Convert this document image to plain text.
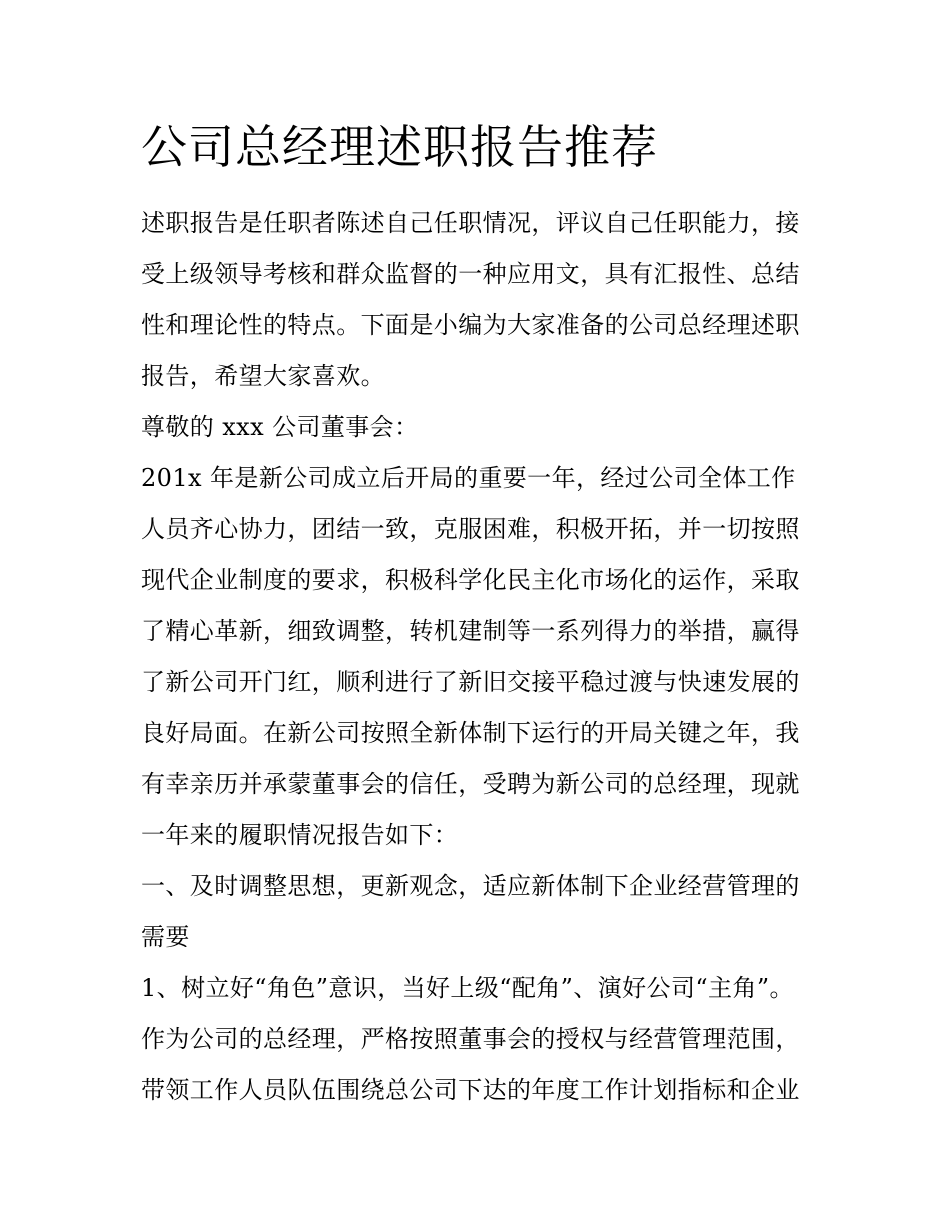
公司总经理述职报告推荐
述职报告是任职者陈述自己任职情况，评议自己任职能力，接
受上级领导考核和群众监督的一种应用文，具有汇报性、总结
性和理论性的特点。下面是小编为大家准备的公司总经理述职
报告，希望大家喜欢。
尊敬的 xxx 公司董事会：
201x 年是新公司成立后开局的重要一年，经过公司全体工作
人员齐心协力，团结一致，克服困难，积极开拓，并一切按照
现代企业制度的要求，积极科学化民主化市场化的运作，采取
了精心革新，细致调整，转机建制等一系列得力的举措，赢得
了新公司开门红，顺利进行了新旧交接平稳过渡与快速发展的
良好局面。在新公司按照全新体制下运行的开局关键之年，我
有幸亲历并承蒙董事会的信任，受聘为新公司的总经理，现就
一年来的履职情况报告如下：
一、及时调整思想，更新观念，适应新体制下企业经营管理的
需要
1、树立好“角色”意识，当好上级“配角”、演好公司“主角”。
作为公司的总经理，严格按照董事会的授权与经营管理范围，
带领工作人员队伍围绕总公司下达的年度工作计划指标和企业
